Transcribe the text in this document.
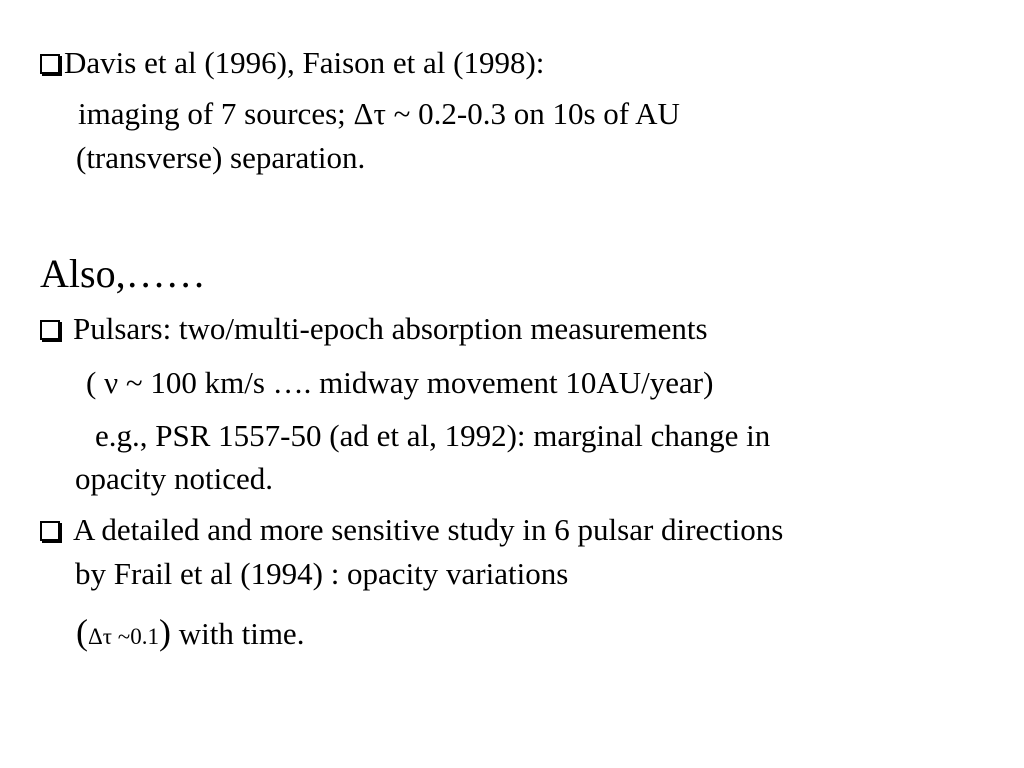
Davis et al (1996), Faison et al (1998):
imaging of 7 sources; Δτ ~ 0.2-0.3 on 10s of AU
(transverse) separation.
Also,……
Pulsars: two/multi-epoch absorption measurements
( ν ~ 100 km/s …. midway movement 10AU/year)
e.g., PSR 1557-50 (ad et al, 1992): marginal change in
opacity noticed.
A detailed and more sensitive study in 6 pulsar directions
by Frail et al (1994) : opacity variations
(Δτ ~0.1) with time.
